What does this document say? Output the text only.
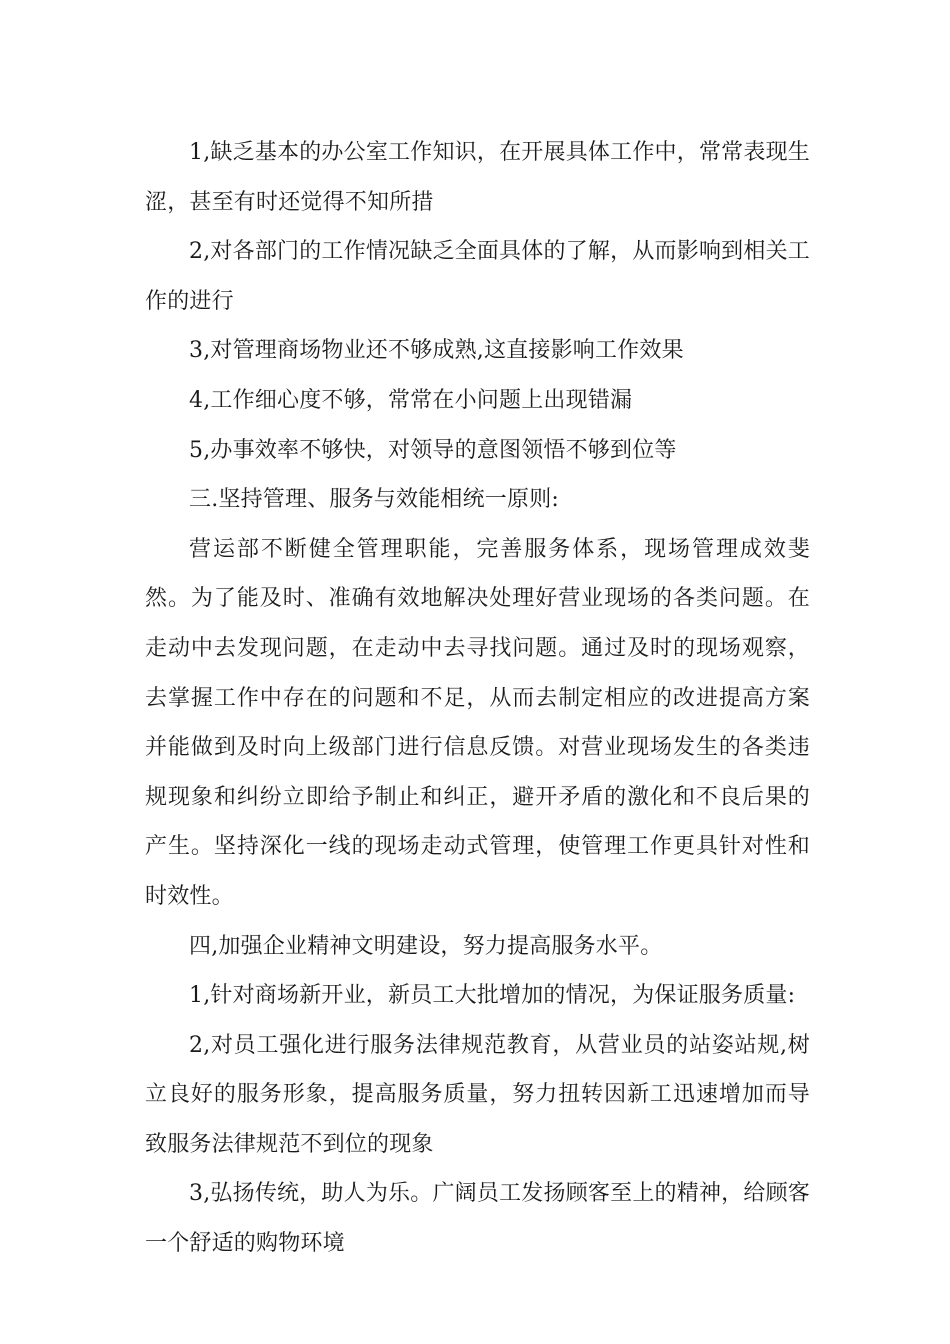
1,缺乏基本的办公室工作知识，在开展具体工作中，常常表现生涩，甚至有时还觉得不知所措

2,对各部门的工作情况缺乏全面具体的了解，从而影响到相关工作的进行

3,对管理商场物业还不够成熟,这直接影响工作效果

4,工作细心度不够，常常在小问题上出现错漏

5,办事效率不够快，对领导的意图领悟不够到位等

三.坚持管理、服务与效能相统一原则:

营运部不断健全管理职能，完善服务体系，现场管理成效斐然。为了能及时、准确有效地解决处理好营业现场的各类问题。在走动中去发现问题，在走动中去寻找问题。通过及时的现场观察，去掌握工作中存在的问题和不足，从而去制定相应的改进提高方案并能做到及时向上级部门进行信息反馈。对营业现场发生的各类违规现象和纠纷立即给予制止和纠正，避开矛盾的激化和不良后果的产生。坚持深化一线的现场走动式管理，使管理工作更具针对性和时效性。

四,加强企业精神文明建设，努力提高服务水平。

1,针对商场新开业，新员工大批增加的情况，为保证服务质量:

2,对员工强化进行服务法律规范教育，从营业员的站姿站规,树立良好的服务形象，提高服务质量，努力扭转因新工迅速增加而导致服务法律规范不到位的现象

3,弘扬传统，助人为乐。广阔员工发扬顾客至上的精神，给顾客一个舒适的购物环境
